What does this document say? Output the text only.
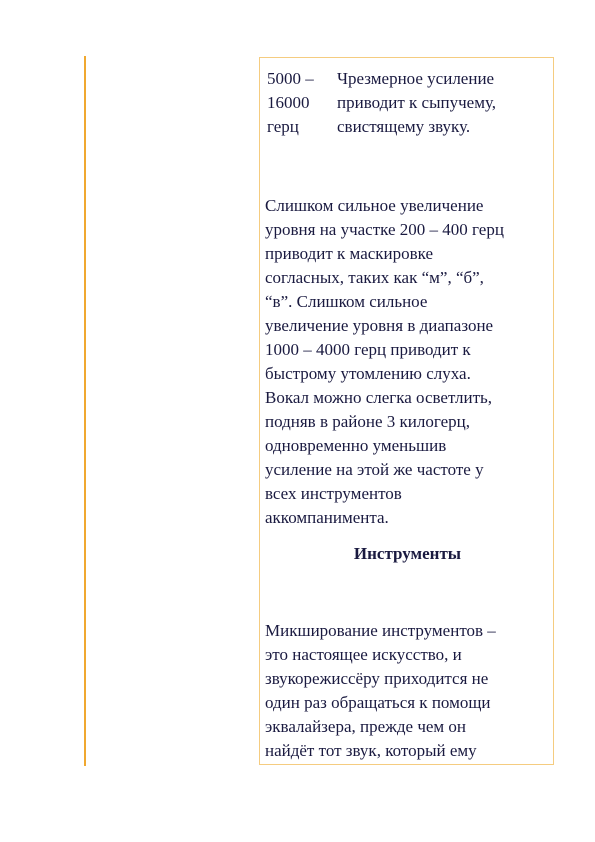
5000 –
16000
герц
Чрезмерное усиление
приводит к сыпучему,
свистящему звуку.
Слишком сильное увеличение
уровня на участке 200 – 400 герц
приводит к маскировке
согласных, таких как “м”, “б”,
“в”. Слишком сильное
увеличение уровня в диапазоне
1000 – 4000 герц приводит к
быстрому утомлению слуха.
Вокал можно слегка осветлить,
подняв в районе 3 килогерц,
одновременно уменьшив
усиление на этой же частоте у
всех инструментов
аккомпанимента.
Инструменты
Микширование инструментов –
это настоящее искусство, и
звукорежиссёру приходится не
один раз обращаться к помощи
эквалайзера, прежде чем он
найдёт тот звук, который ему
